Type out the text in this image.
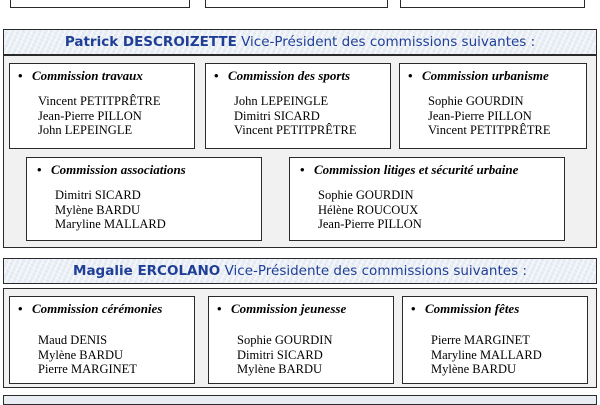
Patrick DESCROIZETTE Vice-Président des commissions suivantes :
• Commission travaux
Vincent PETITPRÊTRE
Jean-Pierre PILLON
John LEPEINGLE
• Commission des sports
John LEPEINGLE
Dimitri SICARD
Vincent PETITPRÊTRE
• Commission urbanisme
Sophie GOURDIN
Jean-Pierre PILLON
Vincent PETITPRÊTRE
• Commission associations
Dimitri SICARD
Mylène BARDU
Maryline MALLARD
• Commission litiges et sécurité urbaine
Sophie GOURDIN
Hélène ROUCOUX
Jean-Pierre PILLON
Magalie ERCOLANO Vice-Présidente des commissions suivantes :
• Commission cérémonies
Maud DENIS
Mylène BARDU
Pierre MARGINET
• Commission jeunesse
Sophie GOURDIN
Dimitri SICARD
Mylène BARDU
• Commission fêtes
Pierre MARGINET
Maryline MALLARD
Mylène BARDU
